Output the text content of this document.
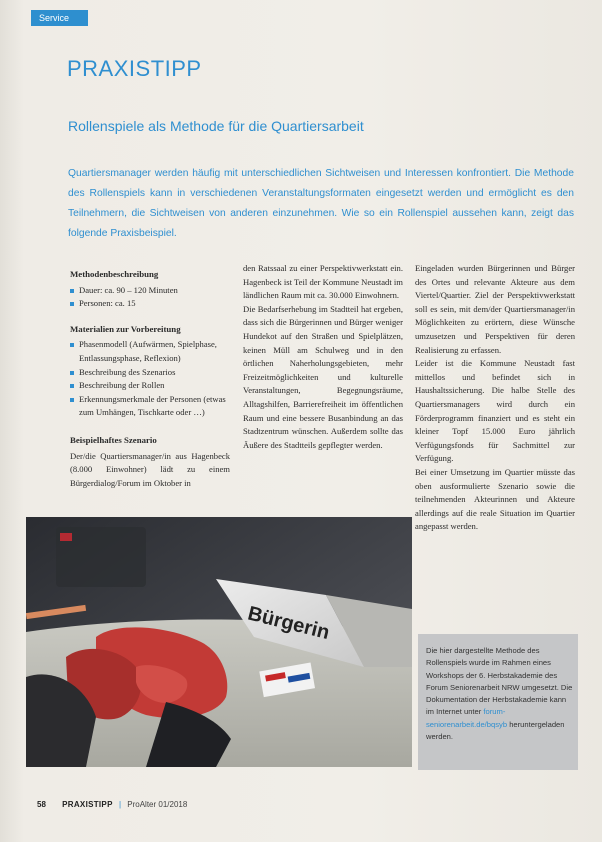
Service
PRAXISTIPP
Rollenspiele als Methode für die Quartiersarbeit
Quartiersmanager werden häufig mit unterschiedlichen Sichtweisen und Interessen konfrontiert. Die Methode des Rollenspiels kann in verschiedenen Veranstaltungsformaten eingesetzt werden und ermöglicht es den Teilnehmern, die Sichtweisen von anderen einzunehmen. Wie so ein Rollenspiel aussehen kann, zeigt das folgende Praxisbeispiel.
Methodenbeschreibung
Dauer: ca. 90 – 120 Minuten
Personen: ca. 15
Materialien zur Vorbereitung
Phasenmodell (Aufwärmen, Spielphase, Entlassungsphase, Reflexion)
Beschreibung des Szenarios
Beschreibung der Rollen
Erkennungsmerkmale der Personen (etwas zum Umhängen, Tischkarte oder …)
Beispielhaftes Szenario

Der/die Quartiersmanager/in aus Hagenbeck (8.000 Einwohner) lädt zu einem Bürgerdialog/Forum im Oktober in

den Ratssaal zu einer Perspektivwerkstatt ein. Hagenbeck ist Teil der Kommune Neustadt im ländlichen Raum mit ca. 30.000 Einwohnern.

Die Bedarfserhebung im Stadtteil hat ergeben, dass sich die Bürgerinnen und Bürger weniger Hundekot auf den Straßen und Spielplätzen, keinen Müll am Schulweg und in den örtlichen Naherholungsgebieten, mehr Freizeitmöglichkeiten und kulturelle Veranstaltungen, Begegnungsräume, Alltagshilfen, Barrierefreiheit im öffentlichen Raum und eine bessere Busanbindung an das Stadtzentrum wünschen. Außerdem sollte das Äußere des Stadtteils gepflegter werden.

Eingeladen wurden Bürgerinnen und Bürger des Ortes und relevante Akteure aus dem Viertel/Quartier. Ziel der Perspektivwerkstatt soll es sein, mit dem/der Quartiersmanager/in Möglichkeiten zu erörtern, diese Wünsche umzusetzen und Perspektiven für deren Realisierung zu erfassen.

Leider ist die Kommune Neustadt fast mittellos und befindet sich in Haushaltssicherung. Die halbe Stelle des Quartiersmanagers wird durch ein Förderprogramm finanziert und es steht ein kleiner Topf 15.000 Euro jährlich Verfügungsfonds für Sachmittel zur Verfügung.

Bei einer Umsetzung im Quartier müsste das oben ausformulierte Szenario sowie die teilnehmenden Akteurinnen und Akteure allerdings auf die reale Situation im Quartier angepasst werden.

Bürgerin
Die hier dargestellte Methode des Rollenspiels wurde im Rahmen eines Workshops der 6. Herbstakademie des Forum Seniorenarbeit NRW umgesetzt. Die Dokumentation der Herbstakademie kann im Internet unter forum-seniorenarbeit.de/bqsyb heruntergeladen werden.
58 PRAXISTIPP | ProAlter 01/2018
